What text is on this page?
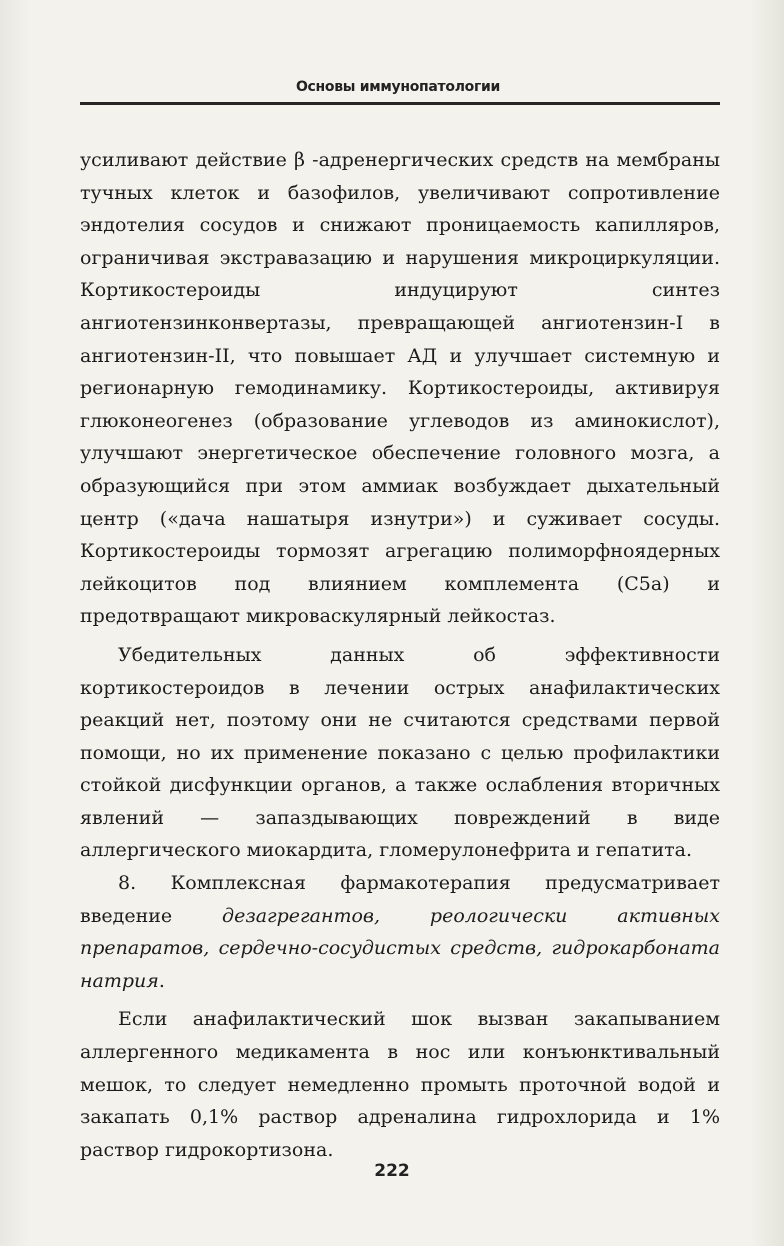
Основы иммунопатологии

усиливают действие β -адренергических средств на мембраны тучных клеток и базофилов, увеличивают сопротивление эндотелия сосудов и снижают проницаемость капилляров, ограничивая экстравазацию и нарушения микроциркуляции. Кортикостероиды индуцируют синтез ангиотензинконвертазы, превращающей ангиотензин-I в ангиотензин-II, что повышает АД и улучшает системную и регионарную гемодинамику. Кортикостероиды, активируя глюконеогенез (образование углеводов из аминокислот), улучшают энергетическое обеспечение головного мозга, а образующийся при этом аммиак возбуждает дыхательный центр («дача нашатыря изнутри») и суживает сосуды. Кортикостероиды тормозят агрегацию полиморфноядерных лейкоцитов под влиянием комплемента (С5а) и предотвращают микроваскулярный лейкостаз.

Убедительных данных об эффективности кортикостероидов в лечении острых анафилактических реакций нет, поэтому они не считаются средствами первой помощи, но их применение показано с целью профилактики стойкой дисфункции органов, а также ослабления вторичных явлений — запаздывающих повреждений в виде аллергического миокардита, гломерулонефрита и гепатита.

8. Комплексная фармакотерапия предусматривает введение дезагрегантов, реологически активных препаратов, сердечно-сосудистых средств, гидрокарбоната натрия.

Если анафилактический шок вызван закапыванием аллергенного медикамента в нос или конъюнктивальный мешок, то следует немедленно промыть проточной водой и закапать 0,1% раствор адреналина гидрохлорида и 1% раствор гидрокортизона.

222
